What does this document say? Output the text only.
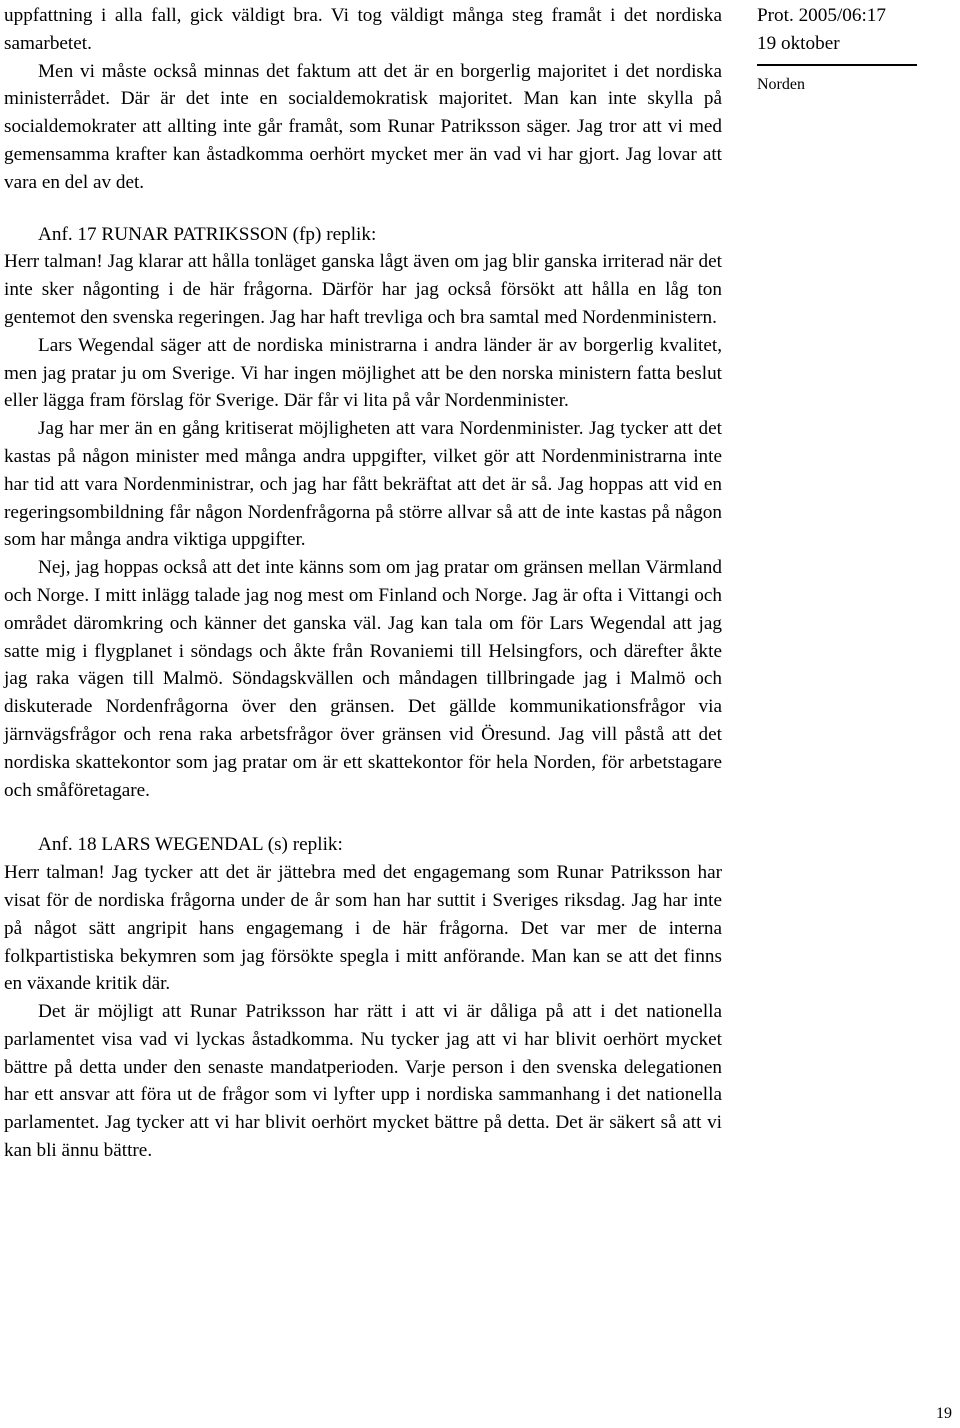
uppfattning i alla fall, gick väldigt bra. Vi tog väldigt många steg framåt i det nordiska samarbetet.

Men vi måste också minnas det faktum att det är en borgerlig majoritet i det nordiska ministerrådet. Där är det inte en socialdemokratisk majoritet. Man kan inte skylla på socialdemokrater att allting inte går framåt, som Runar Patriksson säger. Jag tror att vi med gemensamma krafter kan åstadkomma oerhört mycket mer än vad vi har gjort. Jag lovar att vara en del av det.

Anf. 17 RUNAR PATRIKSSON (fp) replik:

Herr talman! Jag klarar att hålla tonläget ganska lågt även om jag blir ganska irriterad när det inte sker någonting i de här frågorna. Därför har jag också försökt att hålla en låg ton gentemot den svenska regeringen. Jag har haft trevliga och bra samtal med Nordenministern.

Lars Wegendal säger att de nordiska ministrarna i andra länder är av borgerlig kvalitet, men jag pratar ju om Sverige. Vi har ingen möjlighet att be den norska ministern fatta beslut eller lägga fram förslag för Sverige. Där får vi lita på vår Nordenminister.

Jag har mer än en gång kritiserat möjligheten att vara Nordenminister. Jag tycker att det kastas på någon minister med många andra uppgifter, vilket gör att Nordenministrarna inte har tid att vara Nordenministrar, och jag har fått bekräftat att det är så. Jag hoppas att vid en regeringsombildning får någon Nordenfrågorna på större allvar så att de inte kastas på någon som har många andra viktiga uppgifter.

Nej, jag hoppas också att det inte känns som om jag pratar om gränsen mellan Värmland och Norge. I mitt inlägg talade jag nog mest om Finland och Norge. Jag är ofta i Vittangi och området däromkring och känner det ganska väl. Jag kan tala om för Lars Wegendal att jag satte mig i flygplanet i söndags och åkte från Rovaniemi till Helsingfors, och därefter åkte jag raka vägen till Malmö. Söndagskvällen och måndagen tillbringade jag i Malmö och diskuterade Nordenfrågorna över den gränsen. Det gällde kommunikationsfrågor via järnvägsfrågor och rena raka arbetsfrågor över gränsen vid Öresund. Jag vill påstå att det nordiska skattekontor som jag pratar om är ett skattekontor för hela Norden, för arbetstagare och småföretagare.

Anf. 18 LARS WEGENDAL (s) replik:

Herr talman! Jag tycker att det är jättebra med det engagemang som Runar Patriksson har visat för de nordiska frågorna under de år som han har suttit i Sveriges riksdag. Jag har inte på något sätt angripit hans engagemang i de här frågorna. Det var mer de interna folkpartistiska bekymren som jag försökte spegla i mitt anförande. Man kan se att det finns en växande kritik där.

Det är möjligt att Runar Patriksson har rätt i att vi är dåliga på att i det nationella parlamentet visa vad vi lyckas åstadkomma. Nu tycker jag att vi har blivit oerhört mycket bättre på detta under den senaste mandatperioden. Varje person i den svenska delegationen har ett ansvar att föra ut de frågor som vi lyfter upp i nordiska sammanhang i det nationella parlamentet. Jag tycker att vi har blivit oerhört mycket bättre på detta. Det är säkert så att vi kan bli ännu bättre.

Prot. 2005/06:17

19 oktober

Norden

19
